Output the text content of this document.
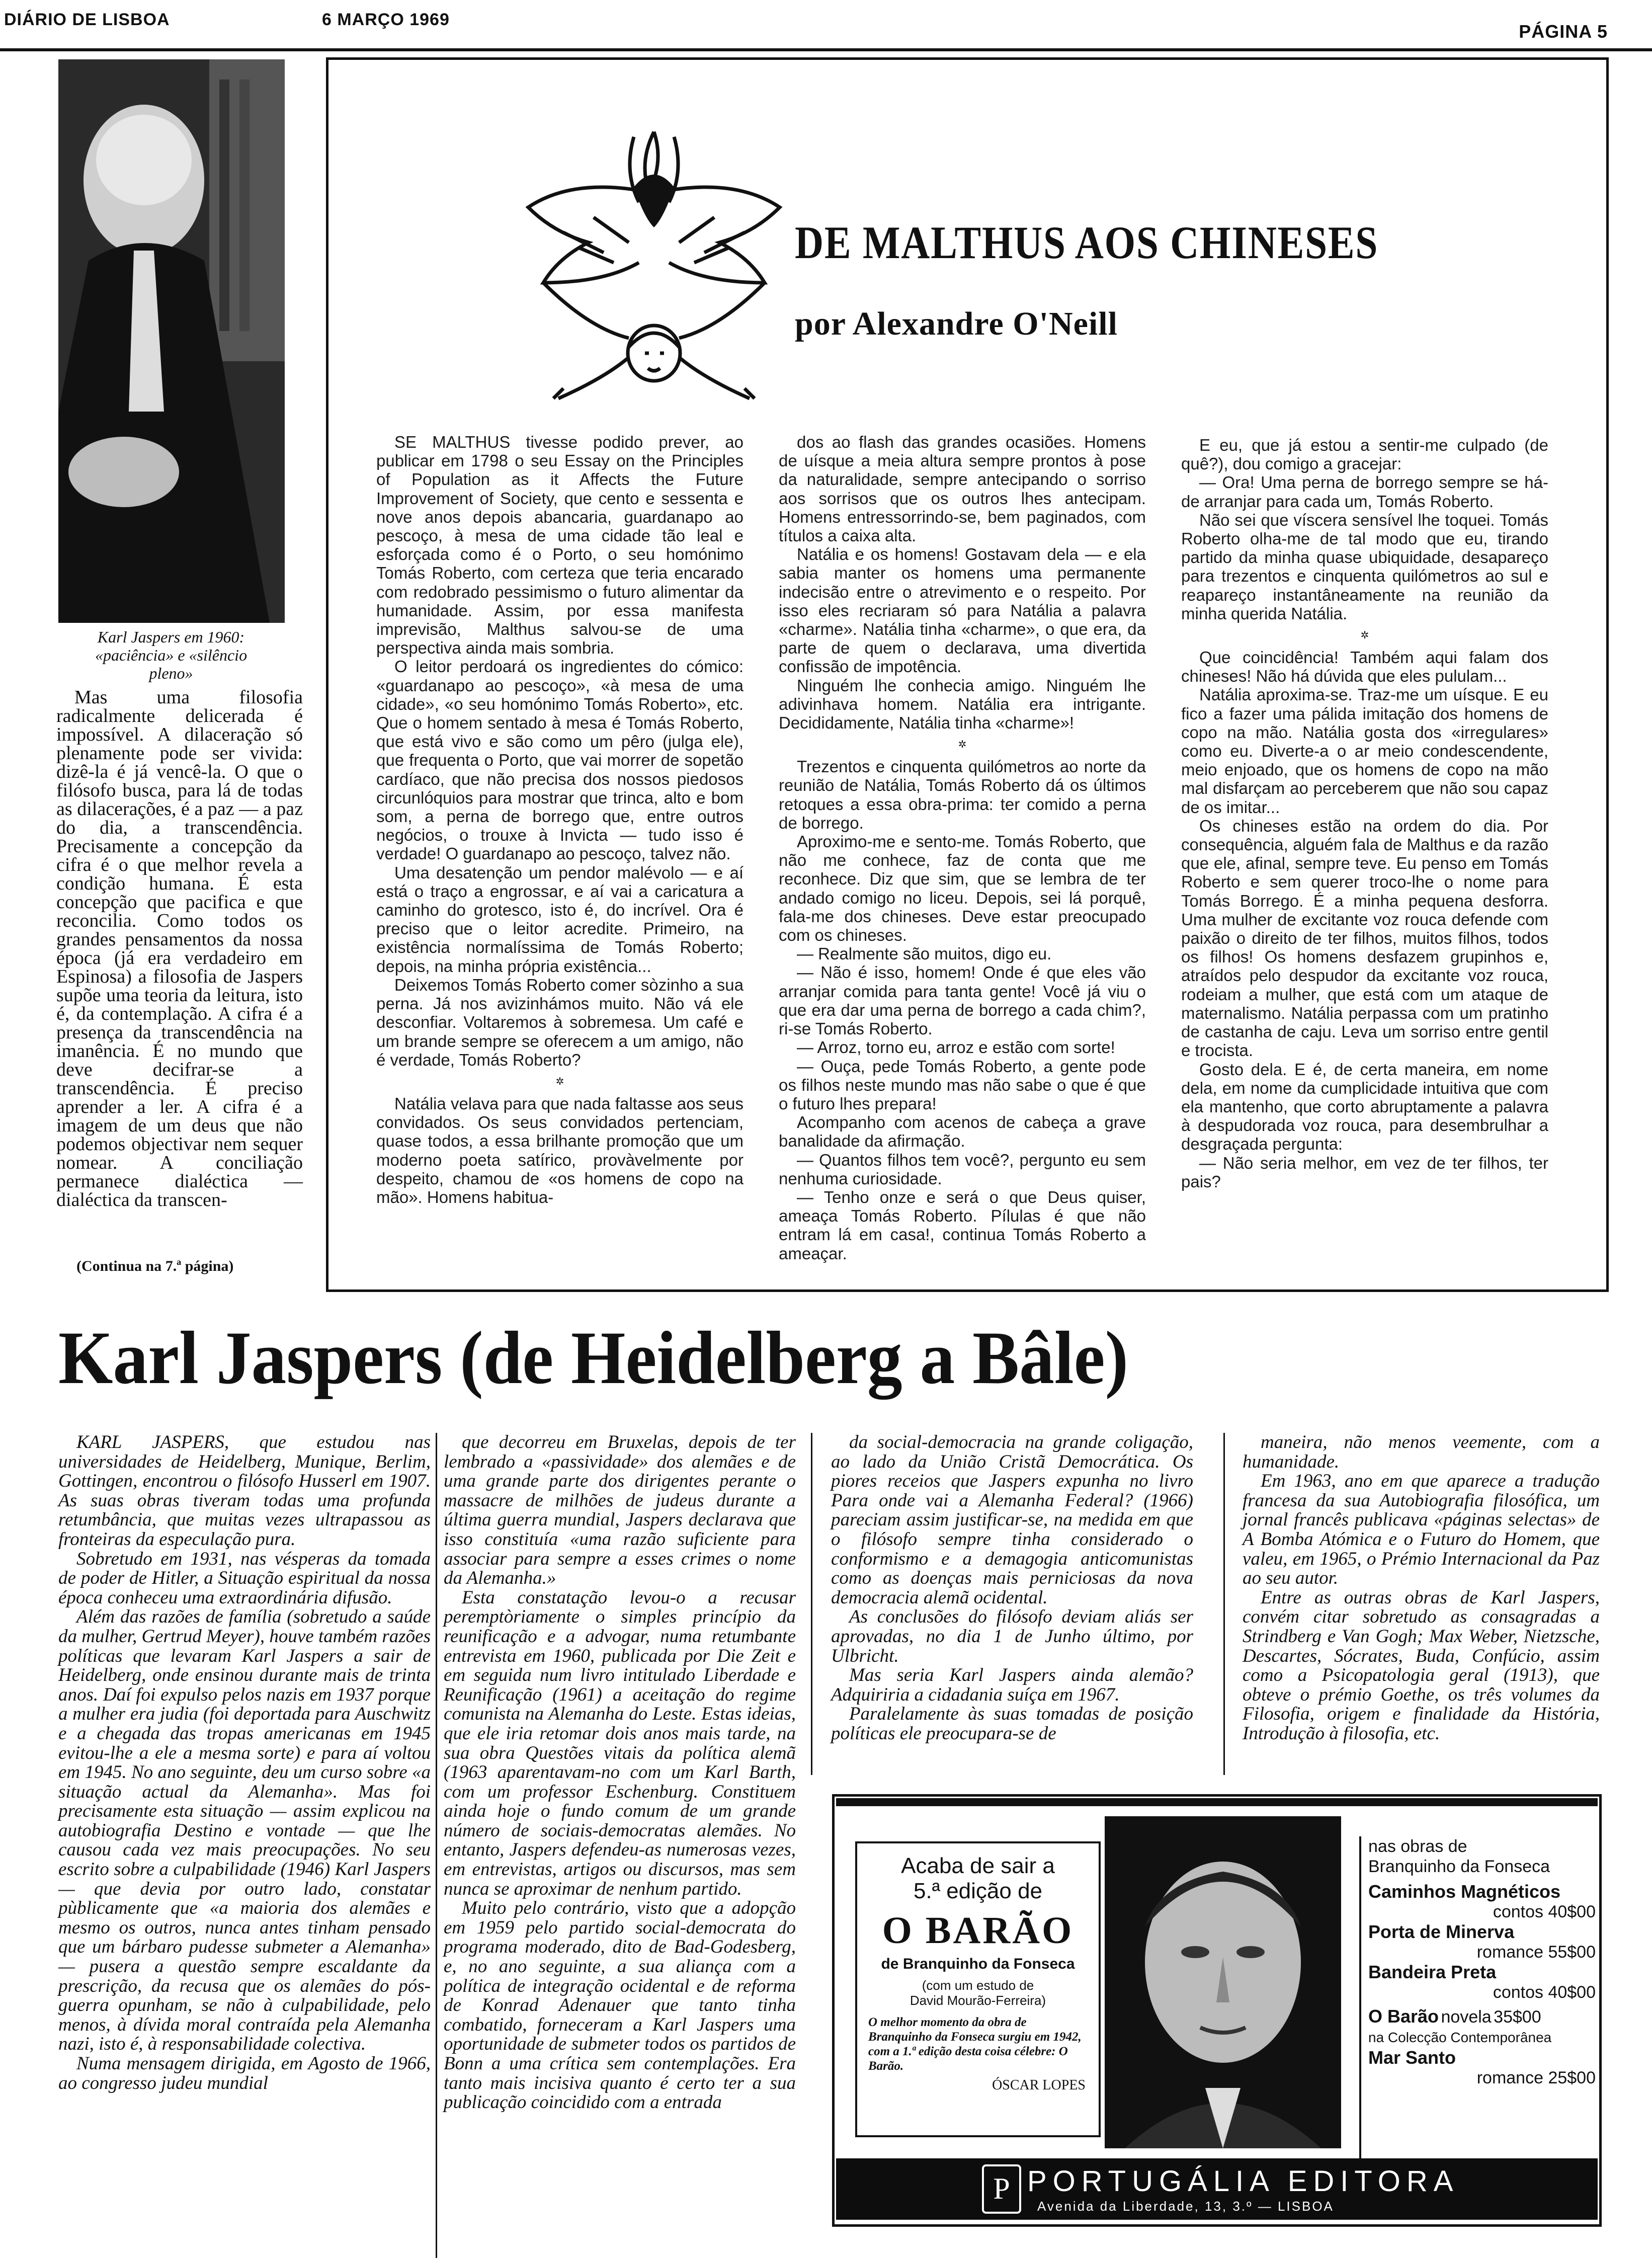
DIÁRIO DE LISBOA	6 MARÇO 1969
PÁGINA 5
Karl Jaspers em 1960:
«paciência» e «silêncio pleno»

Mas uma filosofia radicalmente delicerada é impossível. A dilaceração só plenamente pode ser vivida: dizê-la é já vencê-la. O que o filósofo busca, para lá de todas as dilacerações, é a paz — a paz do dia, a transcendência. Precisamente a concepção da cifra é o que melhor revela a condição humana. É esta concepção que pacifica e que reconcilia. Como todos os grandes pensamentos da nossa época (já era verdadeiro em Espinosa) a filosofia de Jaspers supõe uma teoria da leitura, isto é, da contemplação. A cifra é a presença da transcendência na imanência. É no mundo que deve decifrar-se a transcendência. É preciso aprender a ler. A cifra é a imagem de um deus que não podemos objectivar nem sequer nomear. A conciliação permanece dialéctica — dialéctica da transcen-

(Continua na 7.ª página)
DE MALTHUS AOS CHINESES
por Alexandre O'Neill

SE MALTHUS tivesse podido prever, ao publicar em 1798 o seu Essay on the Principles of Population as it Affects the Future Improvement of Society, que cento e sessenta e nove anos depois abancaria, guardanapo ao pescoço, à mesa de uma cidade tão leal e esforçada como é o Porto, o seu homónimo Tomás Roberto, com certeza que teria encarado com redobrado pessimismo o futuro alimentar da humanidade. Assim, por essa manifesta imprevisão, Malthus salvou-se de uma perspectiva ainda mais sombria.

O leitor perdoará os ingredientes do cómico: «guardanapo ao pescoço», «à mesa de uma cidade», «o seu homónimo Tomás Roberto», etc. Que o homem sentado à mesa é Tomás Roberto, que está vivo e são como um pêro (julga ele), que frequenta o Porto, que vai morrer de sopetão cardíaco, que não precisa dos nossos piedosos circunlóquios para mostrar que trinca, alto e bom som, a perna de borrego que, entre outros negócios, o trouxe à Invicta — tudo isso é verdade! O guardanapo ao pescoço, talvez não.

Uma desatenção um pendor malévolo — e aí está o traço a engrossar, e aí vai a caricatura a caminho do grotesco, isto é, do incrível. Ora é preciso que o leitor acredite. Primeiro, na existência normalíssima de Tomás Roberto; depois, na minha própria existência...

Deixemos Tomás Roberto comer sòzinho a sua perna. Já nos avizinhámos muito. Não vá ele desconfiar. Voltaremos à sobremesa. Um café e um brande sempre se oferecem a um amigo, não é verdade, Tomás Roberto?

✲

Natália velava para que nada faltasse aos seus convidados. Os seus convidados pertenciam, quase todos, a essa brilhante promoção que um moderno poeta satírico, provàvelmente por despeito, chamou de «os homens de copo na mão». Homens habitua-

dos ao flash das grandes ocasiões. Homens de uísque a meia altura sempre prontos à pose da naturalidade, sempre antecipando o sorriso aos sorrisos que os outros lhes antecipam. Homens entressorrindo-se, bem paginados, com títulos a caixa alta.

Natália e os homens! Gostavam dela — e ela sabia manter os homens uma permanente indecisão entre o atrevimento e o respeito. Por isso eles recriaram só para Natália a palavra «charme». Natália tinha «charme», o que era, da parte de quem o declarava, uma divertida confissão de impotência.

Ninguém lhe conhecia amigo. Ninguém lhe adivinhava homem. Natália era intrigante. Decididamente, Natália tinha «charme»!

✲

Trezentos e cinquenta quilómetros ao norte da reunião de Natália, Tomás Roberto dá os últimos retoques a essa obra-prima: ter comido a perna de borrego.

Aproximo-me e sento-me. Tomás Roberto, que não me conhece, faz de conta que me reconhece. Diz que sim, que se lembra de ter andado comigo no liceu. Depois, sei lá porquê, fala-me dos chineses. Deve estar preocupado com os chineses.

— Realmente são muitos, digo eu.

— Não é isso, homem! Onde é que eles vão arranjar comida para tanta gente! Você já viu o que era dar uma perna de borrego a cada chim?, ri-se Tomás Roberto.

— Arroz, torno eu, arroz e estão com sorte!

— Ouça, pede Tomás Roberto, a gente pode os filhos neste mundo mas não sabe o que é que o futuro lhes prepara!

Acompanho com acenos de cabeça a grave banalidade da afirmação.

— Quantos filhos tem você?, pergunto eu sem nenhuma curiosidade.

— Tenho onze e será o que Deus quiser, ameaça Tomás Roberto. Pílulas é que não entram lá em casa!, continua Tomás Roberto a ameaçar.

E eu, que já estou a sentir-me culpado (de quê?), dou comigo a gracejar:

— Ora! Uma perna de borrego sempre se há-de arranjar para cada um, Tomás Roberto.

Não sei que víscera sensível lhe toquei. Tomás Roberto olha-me de tal modo que eu, tirando partido da minha quase ubiquidade, desapareço para trezentos e cinquenta quilómetros ao sul e reapareço instantâneamente na reunião da minha querida Natália.

✲

Que coincidência! Também aqui falam dos chineses! Não há dúvida que eles pululam...

Natália aproxima-se. Traz-me um uísque. E eu fico a fazer uma pálida imitação dos homens de copo na mão. Natália gosta dos «irregulares» como eu. Diverte-a o ar meio condescendente, meio enjoado, que os homens de copo na mão mal disfarçam ao perceberem que não sou capaz de os imitar...

Os chineses estão na ordem do dia. Por consequência, alguém fala de Malthus e da razão que ele, afinal, sempre teve. Eu penso em Tomás Roberto e sem querer troco-lhe o nome para Tomás Borrego. É a minha pequena desforra. Uma mulher de excitante voz rouca defende com paixão o direito de ter filhos, muitos filhos, todos os filhos! Os homens desfazem grupinhos e, atraídos pelo despudor da excitante voz rouca, rodeiam a mulher, que está com um ataque de maternalismo. Natália perpassa com um pratinho de castanha de caju. Leva um sorriso entre gentil e trocista.

Gosto dela. E é, de certa maneira, em nome dela, em nome da cumplicidade intuitiva que com ela mantenho, que corto abruptamente a palavra à despudorada voz rouca, para desembrulhar a desgraçada pergunta:

— Não seria melhor, em vez de ter filhos, ter pais?

Karl Jaspers (de Heidelberg a Bâle)

KARL JASPERS, que estudou nas universidades de Heidelberg, Munique, Berlim, Gottingen, encontrou o filósofo Husserl em 1907. As suas obras tiveram todas uma profunda retumbância, que muitas vezes ultrapassou as fronteiras da especulação pura.

Sobretudo em 1931, nas vésperas da tomada de poder de Hitler, a Situação espiritual da nossa época conheceu uma extraordinária difusão.

Além das razões de família (sobretudo a saúde da mulher, Gertrud Meyer), houve também razões políticas que levaram Karl Jaspers a sair de Heidelberg, onde ensinou durante mais de trinta anos. Daí foi expulso pelos nazis em 1937 porque a mulher era judia (foi deportada para Auschwitz e a chegada das tropas americanas em 1945 evitou-lhe a ele a mesma sorte) e para aí voltou em 1945. No ano seguinte, deu um curso sobre «a situação actual da Alemanha». Mas foi precisamente esta situação — assim explicou na autobiografia Destino e vontade — que lhe causou cada vez mais preocupações. No seu escrito sobre a culpabilidade (1946) Karl Jaspers — que devia por outro lado, constatar pùblicamente que «a maioria dos alemães e mesmo os outros, nunca antes tinham pensado que um bárbaro pudesse submeter a Alemanha» — pusera a questão sempre escaldante da prescrição, da recusa que os alemães do pós-guerra opunham, se não à culpabilidade, pelo menos, à dívida moral contraída pela Alemanha nazi, isto é, à responsabilidade colectiva.

Numa mensagem dirigida, em Agosto de 1966, ao congresso judeu mundial

que decorreu em Bruxelas, depois de ter lembrado a «passividade» dos alemães e de uma grande parte dos dirigentes perante o massacre de milhões de judeus durante a última guerra mundial, Jaspers declarava que isso constituía «uma razão suficiente para associar para sempre a esses crimes o nome da Alemanha.»

Esta constatação levou-o a recusar peremptòriamente o simples princípio da reunificação e a advogar, numa retumbante entrevista em 1960, publicada por Die Zeit e em seguida num livro intitulado Liberdade e Reunificação (1961) a aceitação do regime comunista na Alemanha do Leste. Estas ideias, que ele iria retomar dois anos mais tarde, na sua obra Questões vitais da política alemã (1963 aparentavam-no com um Karl Barth, com um professor Eschenburg. Constituem ainda hoje o fundo comum de um grande número de sociais-democratas alemães. No entanto, Jaspers defendeu-as numerosas vezes, em entrevistas, artigos ou discursos, mas sem nunca se aproximar de nenhum partido.

Muito pelo contrário, visto que a adopção em 1959 pelo partido social-democrata do programa moderado, dito de Bad-Godesberg, e, no ano seguinte, a sua aliança com a política de integração ocidental e de reforma de Konrad Adenauer que tanto tinha combatido, forneceram a Karl Jaspers uma oportunidade de submeter todos os partidos de Bonn a uma crítica sem contemplações. Era tanto mais incisiva quanto é certo ter a sua publicação coincidido com a entrada

da social-democracia na grande coligação, ao lado da União Cristã Democrática. Os piores receios que Jaspers expunha no livro Para onde vai a Alemanha Federal? (1966) pareciam assim justificar-se, na medida em que o filósofo sempre tinha considerado o conformismo e a demagogia anticomunistas como as doenças mais perniciosas da nova democracia alemã ocidental.

As conclusões do filósofo deviam aliás ser aprovadas, no dia 1 de Junho último, por Ulbricht.

Mas seria Karl Jaspers ainda alemão? Adquiriria a cidadania suíça em 1967.

Paralelamente às suas tomadas de posição políticas ele preocupara-se de

maneira, não menos veemente, com a humanidade.

Em 1963, ano em que aparece a tradução francesa da sua Autobiografia filosófica, um jornal francês publicava «páginas selectas» de A Bomba Atómica e o Futuro do Homem, que valeu, em 1965, o Prémio Internacional da Paz ao seu autor.

Entre as outras obras de Karl Jaspers, convém citar sobretudo as consagradas a Strindberg e Van Gogh; Max Weber, Nietzsche, Descartes, Sócrates, Buda, Confúcio, assim como a Psicopatologia geral (1913), que obteve o prémio Goethe, os três volumes da Filosofia, origem e finalidade da História, Introdução à filosofia, etc.

Acaba de sair a
5.ª edição de
O BARÃO
de Branquinho da Fonseca
(com um estudo de
David Mourão-Ferreira)
O melhor momento da obra de Branquinho da Fonseca surgiu em 1942, com a 1.ª edição desta coisa célebre: O Barão.
ÓSCAR LOPES
nas obras de
Branquinho da Fonseca
Caminhos Magnéticos
contos 40$00
Porta de Minerva
romance 55$00
Bandeira Preta
contos 40$00
O Barão novela 35$00
na Colecção Contemporânea
Mar Santo
romance 25$00
P PORTUGÁLIA EDITORA
Avenida da Liberdade, 13, 3.º — LISBOA
